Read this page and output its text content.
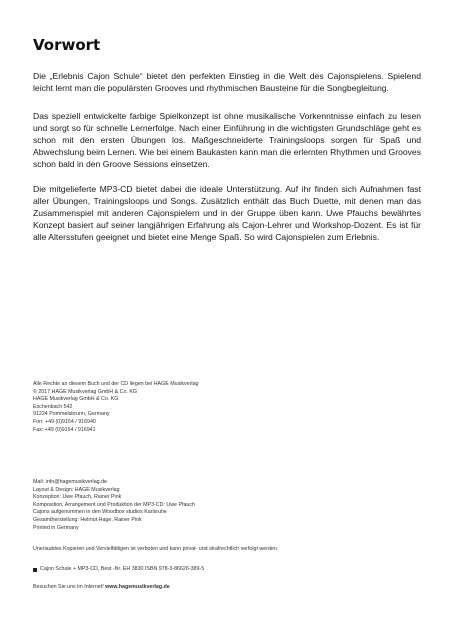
Vorwort
Die „Erlebnis Cajon Schule“ bietet den perfekten Einstieg in die Welt des Cajonspielens. Spielend leicht lernt man die populärsten Grooves und rhythmischen Bausteine für die Songbegleitung.
Das speziell entwickelte farbige Spielkonzept ist ohne musikalische Vorkenntnisse einfach zu lesen und sorgt so für schnelle Lernerfolge. Nach einer Einführung in die wichtigsten Grundschläge geht es schon mit den ersten Übungen los. Maßgeschneiderte Trainingsloops sorgen für Spaß und Abwechslung beim Lernen. Wie bei einem Baukasten kann man die erlernten Rhythmen und Grooves schon bald in den Groove Sessions einsetzen.
Die mitgelieferte MP3-CD bietet dabei die ideale Unterstützung. Auf ihr finden sich Aufnahmen fast aller Übungen, Trainingsloops und Songs. Zusätzlich enthält das Buch Duette, mit denen man das Zusammenspiel mit anderen Cajonspielern und in der Gruppe üben kann. Uwe Pfauchs bewährtes Konzept basiert auf seiner langjährigen Erfahrung als Cajon-Lehrer und Workshop-Dozent. Es ist für alle Altersstufen geeignet und bietet eine Menge Spaß. So wird Cajonspielen zum Erlebnis.
Alle Rechte an diesem Buch und der CD liegen bei HAGE Musikverlag
© 2017 HAGE Musikverlag GmbH & Co. KG
HAGE Musikverlag GmbH & Co. KG
Eschenbach 542
91224 Pommelsbrunn, Germany
Fon: +49 (0)9154 / 916940
Fax: +49 (0)9154 / 916941
Mail: info@hagemusikverlag.de
Layout & Design: HAGE Musikverlag
Konzeption: Uwe Pfauch, Rainer Pink
Komposition, Arrangement und Produktion der MP3-CD: Uwe Pfauch
Cajons aufgenommen in den Woodbox studios Karlsruhe
Gesamtherstellung: Helmut Hage, Rainer Pink
Printed in Germany
Unerlaubtes Kopieren und Vervielfältigen ist verboten und kann privat- und strafrechtlich verfolgt werden.
Cajon Schule + MP3-CD, Best.-Nr. EH 3830 ISBN 978-3-86626-389-5
Besuchen Sie uns im Internet! www.hagemusikverlag.de
